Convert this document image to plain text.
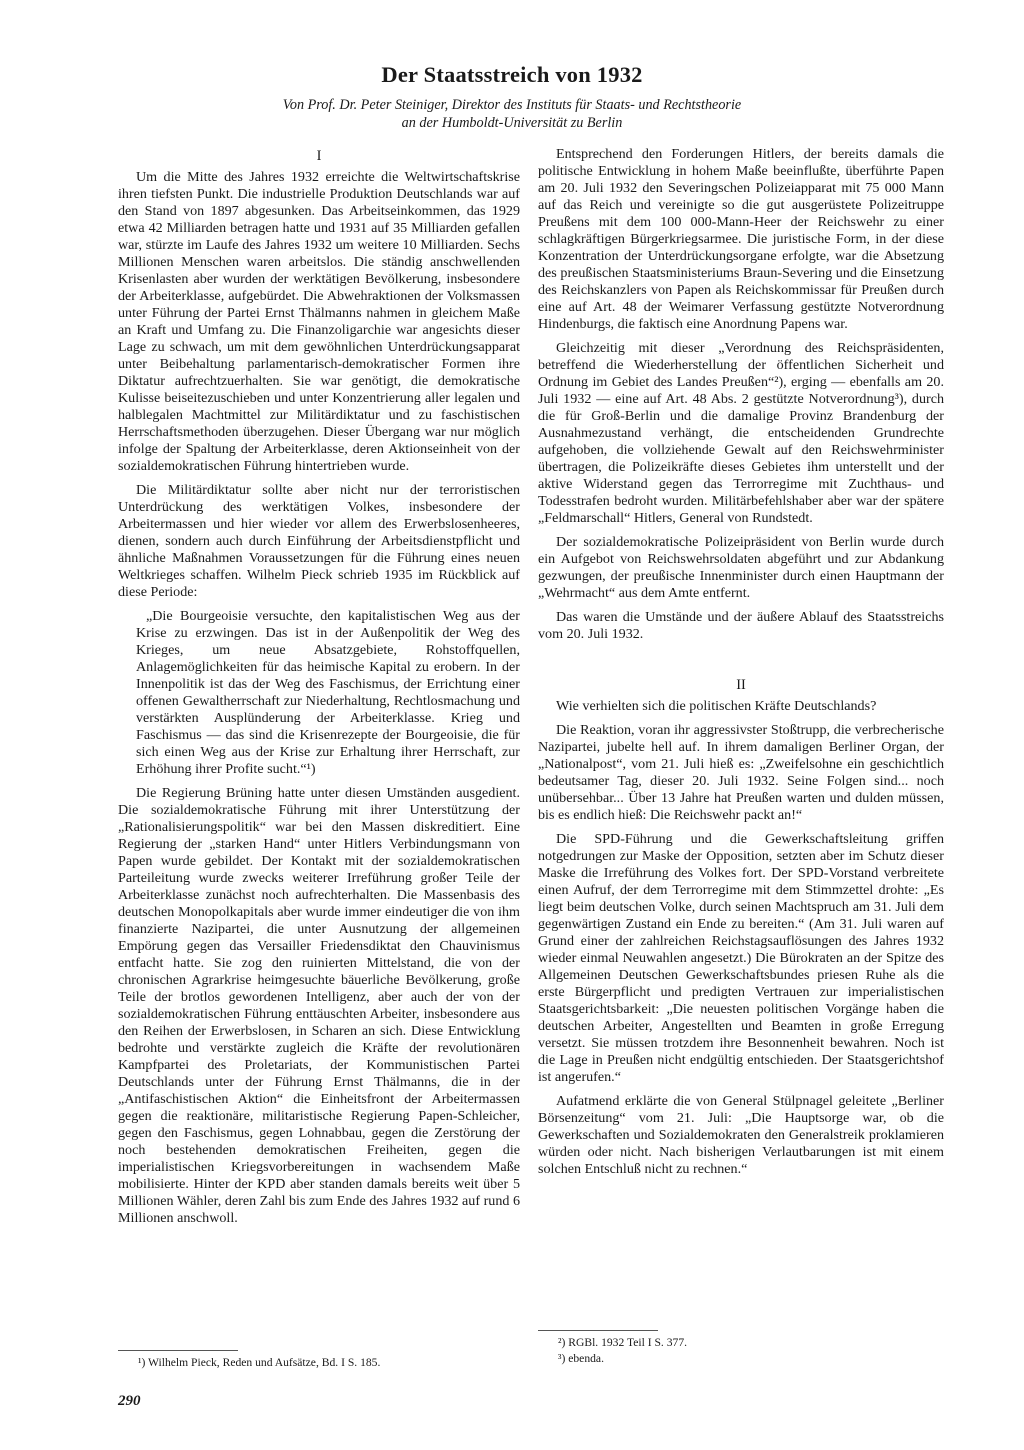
Der Staatsstreich von 1932
Von Prof. Dr. Peter Steiniger, Direktor des Instituts für Staats- und Rechtstheorie
an der Humboldt-Universität zu Berlin
I

Um die Mitte des Jahres 1932 erreichte die Weltwirtschaftskrise ihren tiefsten Punkt. Die industrielle Produktion Deutschlands war auf den Stand von 1897 abgesunken. Das Arbeitseinkommen, das 1929 etwa 42 Milliarden betragen hatte und 1931 auf 35 Milliarden gefallen war, stürzte im Laufe des Jahres 1932 um weitere 10 Milliarden. Sechs Millionen Menschen waren arbeitslos. Die ständig anschwellenden Krisenlasten aber wurden der werktätigen Bevölkerung, insbesondere der Arbeiterklasse, aufgebürdet. Die Abwehraktionen der Volksmassen unter Führung der Partei Ernst Thälmanns nahmen in gleichem Maße an Kraft und Umfang zu. Die Finanzoligarchie war angesichts dieser Lage zu schwach, um mit dem gewöhnlichen Unterdrückungsapparat unter Beibehaltung parlamentarisch-demokratischer Formen ihre Diktatur aufrechtzuerhalten. Sie war genötigt, die demokratische Kulisse beiseitezuschieben und unter Konzentrierung aller legalen und halblegalen Machtmittel zur Militärdiktatur und zu faschistischen Herrschaftsmethoden überzugehen. Dieser Übergang war nur möglich infolge der Spaltung der Arbeiterklasse, deren Aktionseinheit von der sozialdemokratischen Führung hintertrieben wurde.

Die Militärdiktatur sollte aber nicht nur der terroristischen Unterdrückung des werktätigen Volkes, insbesondere der Arbeitermassen und hier wieder vor allem des Erwerbslosenheeres, dienen, sondern auch durch Einführung der Arbeitsdienstpflicht und ähnliche Maßnahmen Voraussetzungen für die Führung eines neuen Weltkrieges schaffen. Wilhelm Pieck schrieb 1935 im Rückblick auf diese Periode:

„Die Bourgeoisie versuchte, den kapitalistischen Weg aus der Krise zu erzwingen. Das ist in der Außenpolitik der Weg des Krieges, um neue Absatzgebiete, Rohstoffquellen, Anlagemöglichkeiten für das heimische Kapital zu erobern. In der Innenpolitik ist das der Weg des Faschismus, der Errichtung einer offenen Gewaltherrschaft zur Niederhaltung, Rechtlosmachung und verstärkten Ausplünderung der Arbeiterklasse. Krieg und Faschismus — das sind die Krisenrezepte der Bourgeoisie, die für sich einen Weg aus der Krise zur Erhaltung ihrer Herrschaft, zur Erhöhung ihrer Profite sucht.“¹)

Die Regierung Brüning hatte unter diesen Umständen ausgedient. Die sozialdemokratische Führung mit ihrer Unterstützung der „Rationalisierungspolitik“ war bei den Massen diskreditiert. Eine Regierung der „starken Hand“ unter Hitlers Verbindungsmann von Papen wurde gebildet. Der Kontakt mit der sozialdemokratischen Parteileitung wurde zwecks weiterer Irreführung großer Teile der Arbeiterklasse zunächst noch aufrechterhalten. Die Massenbasis des deutschen Monopolkapitals aber wurde immer eindeutiger die von ihm finanzierte Nazipartei, die unter Ausnutzung der allgemeinen Empörung gegen das Versailler Friedensdiktat den Chauvinismus entfacht hatte. Sie zog den ruinierten Mittelstand, die von der chronischen Agrarkrise heimgesuchte bäuerliche Bevölkerung, große Teile der brotlos gewordenen Intelligenz, aber auch der von der sozialdemokratischen Führung enttäuschten Arbeiter, insbesondere aus den Reihen der Erwerbslosen, in Scharen an sich. Diese Entwicklung bedrohte und verstärkte zugleich die Kräfte der revolutionären Kampfpartei des Proletariats, der Kommunistischen Partei Deutschlands unter der Führung Ernst Thälmanns, die in der „Antifaschistischen Aktion“ die Einheitsfront der Arbeitermassen gegen die reaktionäre, militaristische Regierung Papen-Schleicher, gegen den Faschismus, gegen Lohnabbau, gegen die Zerstörung der noch bestehenden demokratischen Freiheiten, gegen die imperialistischen Kriegsvorbereitungen in wachsendem Maße mobilisierte. Hinter der KPD aber standen damals bereits weit über 5 Millionen Wähler, deren Zahl bis zum Ende des Jahres 1932 auf rund 6 Millionen anschwoll.

¹) Wilhelm Pieck, Reden und Aufsätze, Bd. I S. 185.

Entsprechend den Forderungen Hitlers, der bereits damals die politische Entwicklung in hohem Maße beeinflußte, überführte Papen am 20. Juli 1932 den Severingschen Polizeiapparat mit 75 000 Mann auf das Reich und vereinigte so die gut ausgerüstete Polizeitruppe Preußens mit dem 100 000-Mann-Heer der Reichswehr zu einer schlagkräftigen Bürgerkriegsarmee. Die juristische Form, in der diese Konzentration der Unterdrückungsorgane erfolgte, war die Absetzung des preußischen Staatsministeriums Braun-Severing und die Einsetzung des Reichskanzlers von Papen als Reichskommissar für Preußen durch eine auf Art. 48 der Weimarer Verfassung gestützte Notverordnung Hindenburgs, die faktisch eine Anordnung Papens war.

Gleichzeitig mit dieser „Verordnung des Reichspräsidenten, betreffend die Wiederherstellung der öffentlichen Sicherheit und Ordnung im Gebiet des Landes Preußen“²), erging — ebenfalls am 20. Juli 1932 — eine auf Art. 48 Abs. 2 gestützte Notverordnung³), durch die für Groß-Berlin und die damalige Provinz Brandenburg der Ausnahmezustand verhängt, die entscheidenden Grundrechte aufgehoben, die vollziehende Gewalt auf den Reichswehrminister übertragen, die Polizeikräfte dieses Gebietes ihm unterstellt und der aktive Widerstand gegen das Terrorregime mit Zuchthaus- und Todesstrafen bedroht wurden. Militärbefehlshaber aber war der spätere „Feldmarschall“ Hitlers, General von Rundstedt.

Der sozialdemokratische Polizeipräsident von Berlin wurde durch ein Aufgebot von Reichswehrsoldaten abgeführt und zur Abdankung gezwungen, der preußische Innenminister durch einen Hauptmann der „Wehrmacht“ aus dem Amte entfernt.

Das waren die Umstände und der äußere Ablauf des Staatsstreichs vom 20. Juli 1932.

II

Wie verhielten sich die politischen Kräfte Deutschlands?

Die Reaktion, voran ihr aggressivster Stoßtrupp, die verbrecherische Nazipartei, jubelte hell auf. In ihrem damaligen Berliner Organ, der „Nationalpost“, vom 21. Juli hieß es: „Zweifelsohne ein geschichtlich bedeutsamer Tag, dieser 20. Juli 1932. Seine Folgen sind... noch unübersehbar... Über 13 Jahre hat Preußen warten und dulden müssen, bis es endlich hieß: Die Reichswehr packt an!“

Die SPD-Führung und die Gewerkschaftsleitung griffen notgedrungen zur Maske der Opposition, setzten aber im Schutz dieser Maske die Irreführung des Volkes fort. Der SPD-Vorstand verbreitete einen Aufruf, der dem Terrorregime mit dem Stimmzettel drohte: „Es liegt beim deutschen Volke, durch seinen Machtspruch am 31. Juli dem gegenwärtigen Zustand ein Ende zu bereiten.“ (Am 31. Juli waren auf Grund einer der zahlreichen Reichstagsauflösungen des Jahres 1932 wieder einmal Neuwahlen angesetzt.) Die Bürokraten an der Spitze des Allgemeinen Deutschen Gewerkschaftsbundes priesen Ruhe als die erste Bürgerpflicht und predigten Vertrauen zur imperialistischen Staatsgerichtsbarkeit: „Die neuesten politischen Vorgänge haben die deutschen Arbeiter, Angestellten und Beamten in große Erregung versetzt. Sie müssen trotzdem ihre Besonnenheit bewahren. Noch ist die Lage in Preußen nicht endgültig entschieden. Der Staatsgerichtshof ist angerufen.“

Aufatmend erklärte die von General Stülpnagel geleitete „Berliner Börsenzeitung“ vom 21. Juli: „Die Hauptsorge war, ob die Gewerkschaften und Sozialdemokraten den Generalstreik proklamieren würden oder nicht. Nach bisherigen Verlautbarungen ist mit einem solchen Entschluß nicht zu rechnen.“

²) RGBl. 1932 Teil I S. 377.
³) ebenda.
290
